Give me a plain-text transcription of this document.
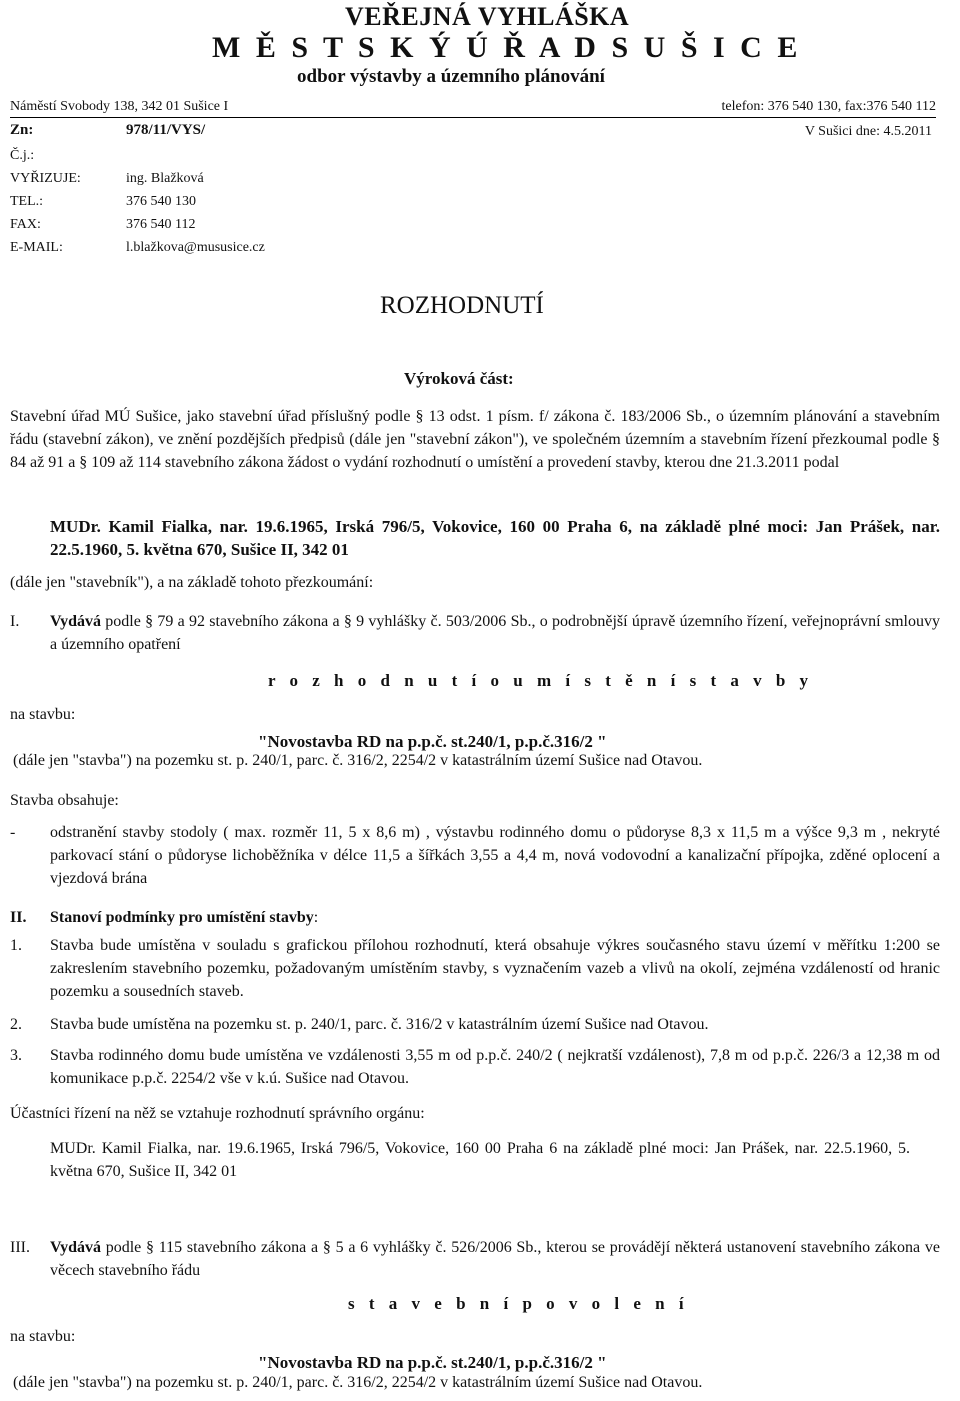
VEŘEJNÁ VYHLÁŠKA
M Ě S T S K Ý Ú Ř A D S U Š I C E
odbor výstavby a územního plánování
Náměstí Svobody 138, 342 01 Sušice I	telefon: 376 540 130, fax:376 540 112
Zn:	978/11/VYS/	V Sušici dne: 4.5.2011
Č.j.:
VYŘIZUJE:	ing. Blažková
TEL.:	376 540 130
FAX:	376 540 112
E-MAIL:	l.blažkova@mususice.cz
ROZHODNUTÍ
Výroková část:
Stavební úřad MÚ Sušice, jako stavební úřad příslušný podle § 13 odst. 1 písm. f/ zákona č. 183/2006 Sb., o územním plánování a stavebním řádu (stavební zákon), ve znění pozdějších předpisů (dále jen "stavební zákon"), ve společném územním a stavebním řízení přezkoumal podle § 84 až 91 a § 109 až 114 stavebního zákona žádost o vydání rozhodnutí o umístění a provedení stavby, kterou dne 21.3.2011 podal
MUDr. Kamil Fialka, nar. 19.6.1965, Irská 796/5, Vokovice, 160 00 Praha 6, na základě plné moci: Jan Prášek, nar. 22.5.1960, 5. května 670, Sušice II, 342 01
(dále jen "stavebník"), a na základě tohoto přezkoumání:
I. Vydává podle § 79 a 92 stavebního zákona a § 9 vyhlášky č. 503/2006 Sb., o podrobnější úpravě územního řízení, veřejnoprávní smlouvy a územního opatření
r o z h o d n u t í o u m í s t ě n í s t a v b y
na stavbu:
"Novostavba RD na p.p.č. st.240/1, p.p.č.316/2 "
(dále jen "stavba") na pozemku st. p. 240/1, parc. č. 316/2, 2254/2 v katastrálním území Sušice nad Otavou.
Stavba obsahuje:
- odstranění stavby stodoly ( max. rozměr 11, 5 x 8,6 m) , výstavbu rodinného domu o půdoryse 8,3 x 11,5 m a výšce 9,3 m , nekryté parkovací stání o půdoryse lichoběžníka v délce 11,5 a šířkách 3,55 a 4,4 m, nová vodovodní a kanalizační přípojka, zděné oplocení a vjezdová brána
II. Stanoví podmínky pro umístění stavby:
1. Stavba bude umístěna v souladu s grafickou přílohou rozhodnutí, která obsahuje výkres současného stavu území v měřítku 1:200 se zakreslením stavebního pozemku, požadovaným umístěním stavby, s vyznačením vazeb a vlivů na okolí, zejména vzdáleností od hranic pozemku a sousedních staveb.
2. Stavba bude umístěna na pozemku st. p. 240/1, parc. č. 316/2 v katastrálním území Sušice nad Otavou.
3. Stavba rodinného domu bude umístěna ve vzdálenosti 3,55 m od p.p.č. 240/2 ( nejkratší vzdálenost), 7,8 m od p.p.č. 226/3 a 12,38 m od komunikace p.p.č. 2254/2 vše v k.ú. Sušice nad Otavou.
Účastníci řízení na něž se vztahuje rozhodnutí správního orgánu:
MUDr. Kamil Fialka, nar. 19.6.1965, Irská 796/5, Vokovice, 160 00 Praha 6 na základě plné moci: Jan Prášek, nar. 22.5.1960, 5. května 670, Sušice II, 342 01
III. Vydává podle § 115 stavebního zákona a § 5 a 6 vyhlášky č. 526/2006 Sb., kterou se provádějí některá ustanovení stavebního zákona ve věcech stavebního řádu
s t a v e b n í p o v o l e n í
na stavbu:
"Novostavba RD na p.p.č. st.240/1, p.p.č.316/2 "
(dále jen "stavba") na pozemku st. p. 240/1, parc. č. 316/2, 2254/2 v katastrálním území Sušice nad Otavou.
